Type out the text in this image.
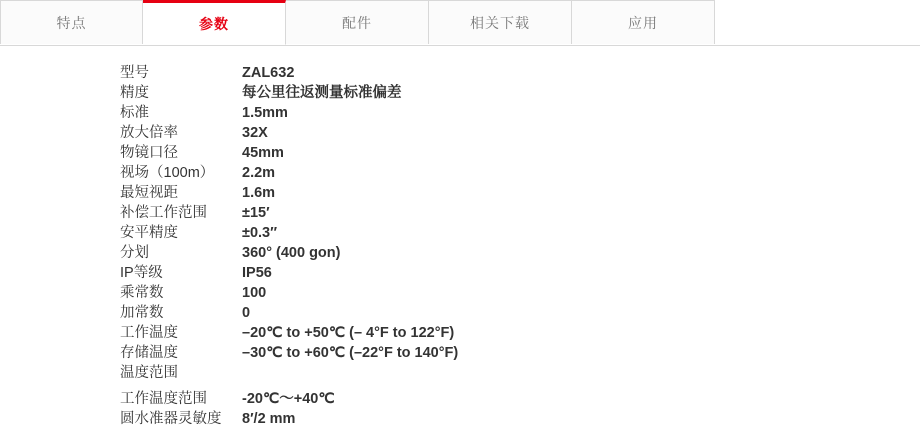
特点	参数	配件	相关下载	应用
型号	ZAL632
精度	每公里往返测量标准偏差
标准	1.5mm
放大倍率	32X
物镜口径	45mm
视场（100m）	2.2m
最短视距	1.6m
补偿工作范围	±15′
安平精度	±0.3″
分划	360° (400 gon)
IP等级	IP56
乘常数	100
加常数	0
工作温度	–20℃ to +50℃ (– 4°F to 122°F)
存储温度	–30℃ to +60℃ (–22°F to 140°F)
温度范围	
工作温度范围	-20℃～+40℃

圆水准器灵敏度	8′/2 mm
